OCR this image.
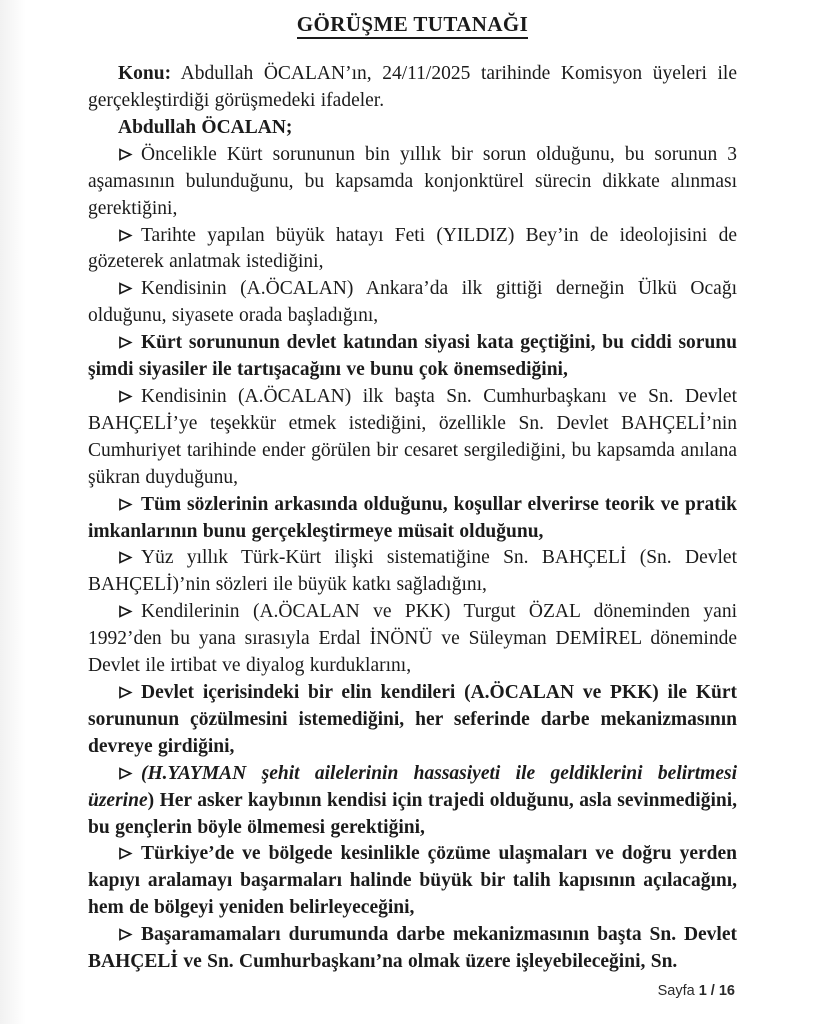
GÖRÜŞME TUTANAĞI

Konu: Abdullah ÖCALAN’ın, 24/11/2025 tarihinde Komisyon üyeleri ile gerçekleştirdiği görüşmedeki ifadeler.

Abdullah ÖCALAN;

Öncelikle Kürt sorununun bin yıllık bir sorun olduğunu, bu sorunun 3 aşamasının bulunduğunu, bu kapsamda konjonktürel sürecin dikkate alınması gerektiğini,

Tarihte yapılan büyük hatayı Feti (YILDIZ) Bey’in de ideolojisini de gözeterek anlatmak istediğini,

Kendisinin (A.ÖCALAN) Ankara’da ilk gittiği derneğin Ülkü Ocağı olduğunu, siyasete orada başladığını,

Kürt sorununun devlet katından siyasi kata geçtiğini, bu ciddi sorunu şimdi siyasiler ile tartışacağını ve bunu çok önemsediğini,

Kendisinin (A.ÖCALAN) ilk başta Sn. Cumhurbaşkanı ve Sn. Devlet BAHÇELİ’ye teşekkür etmek istediğini, özellikle Sn. Devlet BAHÇELİ’nin Cumhuriyet tarihinde ender görülen bir cesaret sergilediğini, bu kapsamda anılana şükran duyduğunu,

Tüm sözlerinin arkasında olduğunu, koşullar elverirse teorik ve pratik imkanlarının bunu gerçekleştirmeye müsait olduğunu,

Yüz yıllık Türk-Kürt ilişki sistematiğine Sn. BAHÇELİ (Sn. Devlet BAHÇELİ)’nin sözleri ile büyük katkı sağladığını,

Kendilerinin (A.ÖCALAN ve PKK) Turgut ÖZAL döneminden yani 1992’den bu yana sırasıyla Erdal İNÖNÜ ve Süleyman DEMİREL döneminde Devlet ile irtibat ve diyalog kurduklarını,

Devlet içerisindeki bir elin kendileri (A.ÖCALAN ve PKK) ile Kürt sorununun çözülmesini istemediğini, her seferinde darbe mekanizmasının devreye girdiğini,

(H.YAYMAN şehit ailelerinin hassasiyeti ile geldiklerini belirtmesi üzerine) Her asker kaybının kendisi için trajedi olduğunu, asla sevinmediğini, bu gençlerin böyle ölmemesi gerektiğini,

Türkiye’de ve bölgede kesinlikle çözüme ulaşmaları ve doğru yerden kapıyı aralamayı başarmaları halinde büyük bir talih kapısının açılacağını, hem de bölgeyi yeniden belirleyeceğini,

Başaramamaları durumunda darbe mekanizmasının başta Sn. Devlet BAHÇELİ ve Sn. Cumhurbaşkanı’na olmak üzere işleyebileceğini, Sn.

Sayfa 1 / 16
